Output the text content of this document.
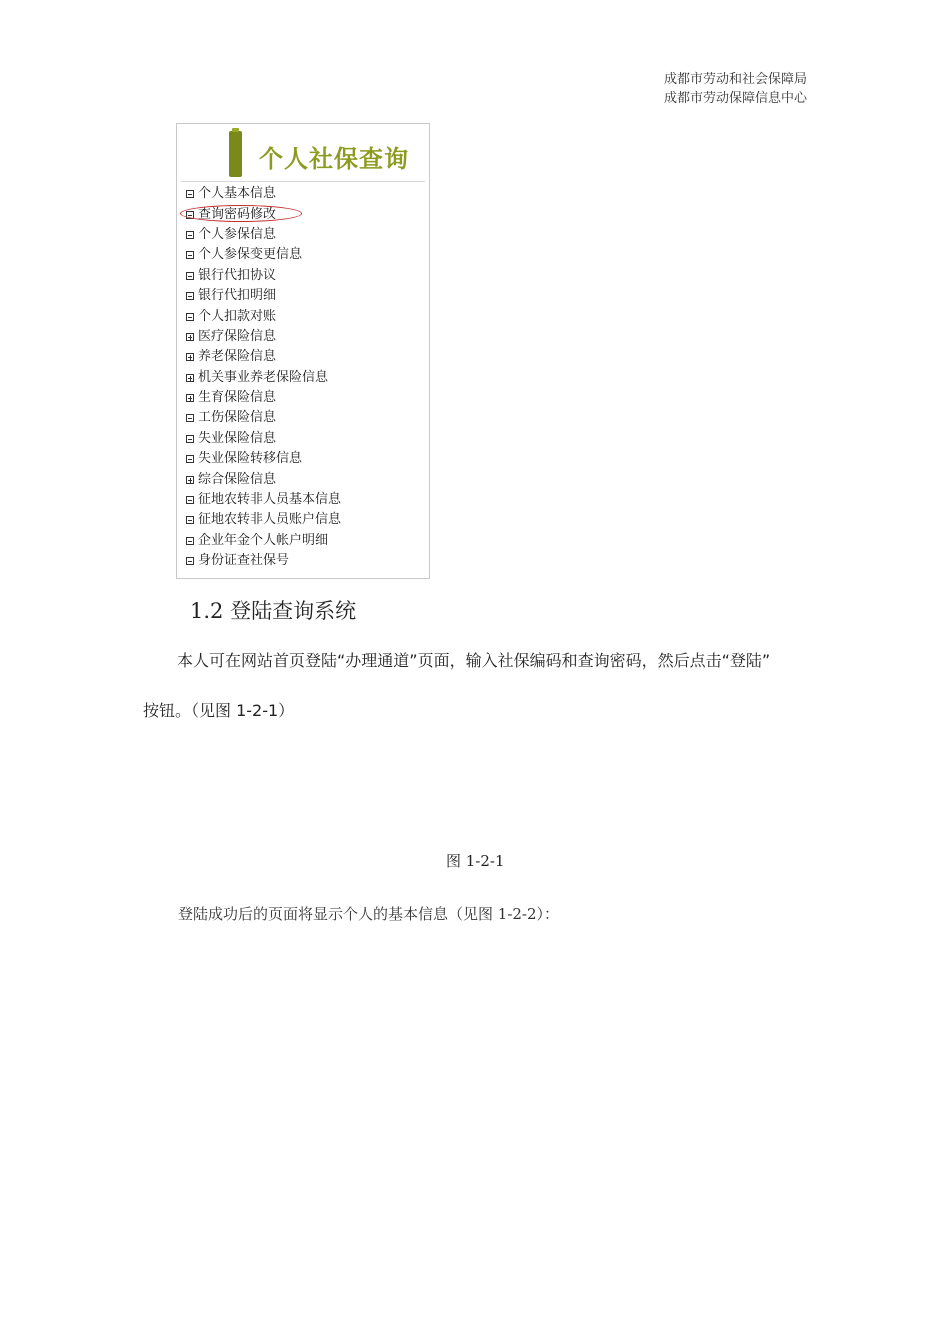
成都市劳动和社会保障局
成都市劳动保障信息中心
个人社保查询
个人基本信息
查询密码修改
个人参保信息
个人参保变更信息
银行代扣协议
银行代扣明细
个人扣款对账
医疗保险信息
养老保险信息
机关事业养老保险信息
生育保险信息
工伤保险信息
失业保险信息
失业保险转移信息
综合保险信息
征地农转非人员基本信息
征地农转非人员账户信息
企业年金个人帐户明细
身份证查社保号
1.2 登陆查询系统
本人可在网站首页登陆“办理通道”页面，输入社保编码和查询密码，然后点击“登陆”
按钮。（见图 1-2-1）
图 1-2-1
登陆成功后的页面将显示个人的基本信息（见图 1-2-2）：
